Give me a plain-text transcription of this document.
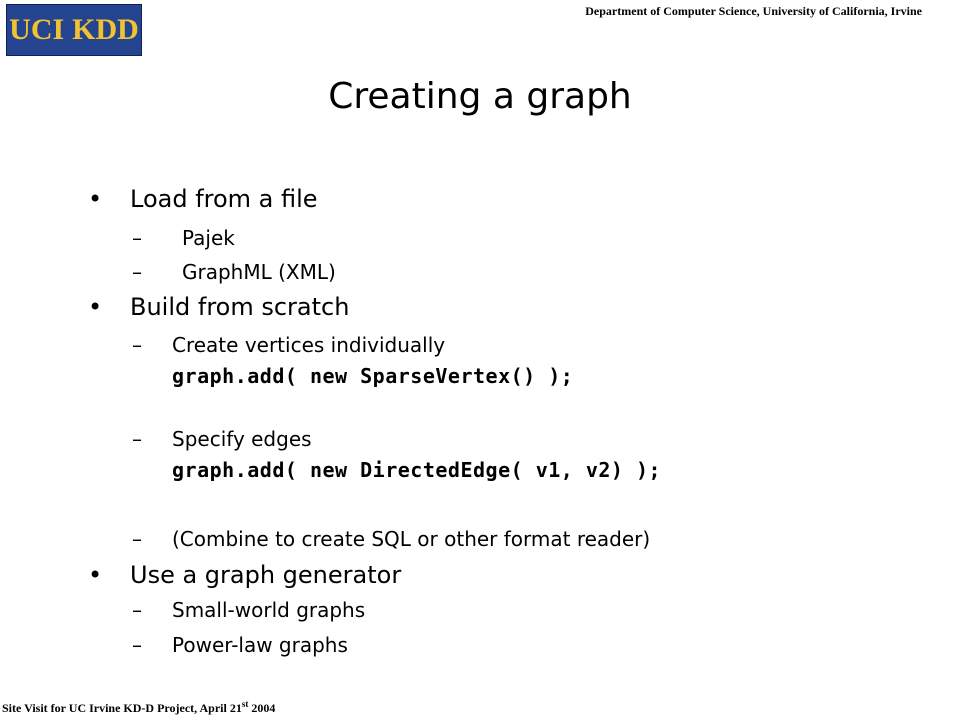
UCI KDD
Department of Computer Science, University of California, Irvine
Creating a graph
• Load from a file
– Pajek
– GraphML (XML)
• Build from scratch
– Create vertices individually
graph.add( new SparseVertex() );
– Specify edges
graph.add( new DirectedEdge( v1, v2) );
– (Combine to create SQL or other format reader)
• Use a graph generator
– Small-world graphs
– Power-law graphs
Site Visit for UC Irvine KD-D Project, April 21st 2004
